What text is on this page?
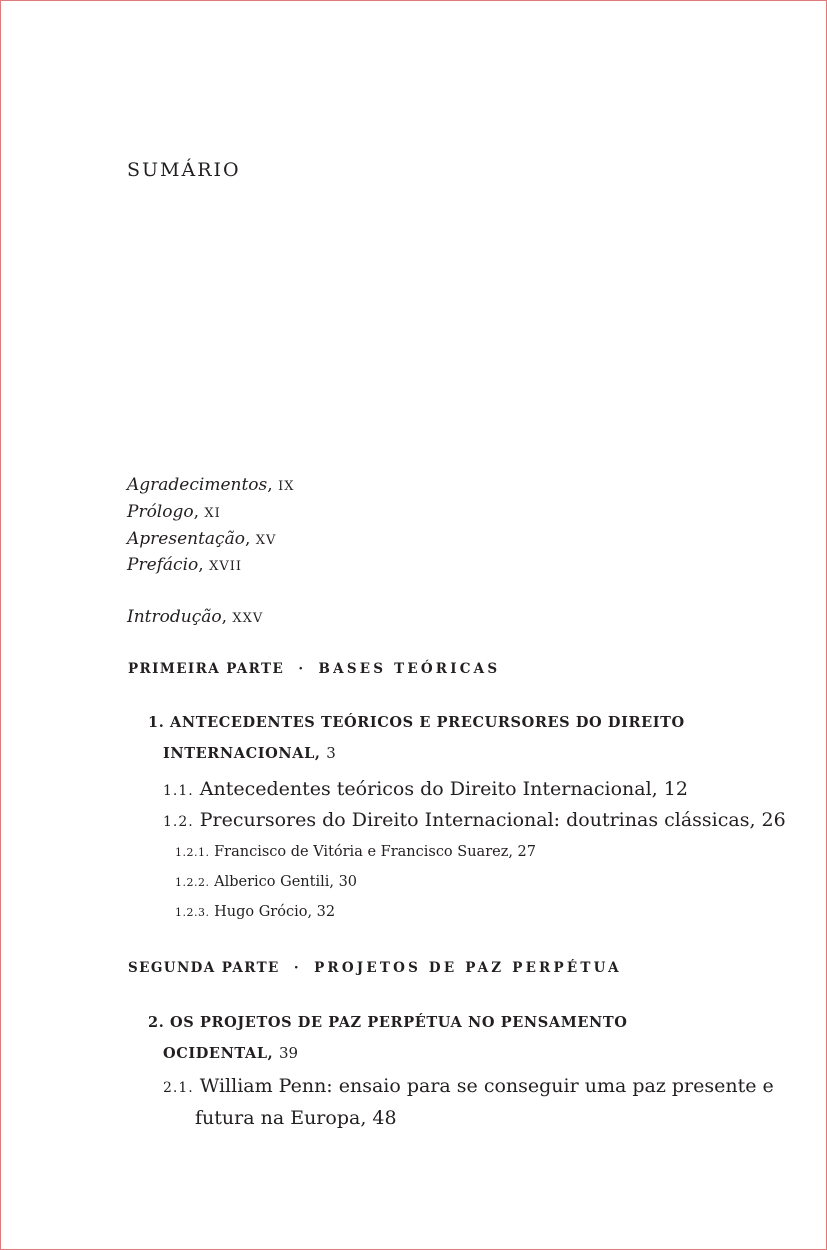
SUMÁRIO
Agradecimentos, IX
Prólogo, XI
Apresentação, XV
Prefácio, XVII
Introdução, XXV
PRIMEIRA PARTE · BASES TEÓRICAS
1. ANTECEDENTES TEÓRICOS E PRECURSORES DO DIREITO
INTERNACIONAL, 3
1.1. Antecedentes teóricos do Direito Internacional, 12
1.2. Precursores do Direito Internacional: doutrinas clássicas, 26
1.2.1. Francisco de Vitória e Francisco Suarez, 27
1.2.2. Alberico Gentili, 30
1.2.3. Hugo Grócio, 32
SEGUNDA PARTE · PROJETOS DE PAZ PERPÉTUA
2. OS PROJETOS DE PAZ PERPÉTUA NO PENSAMENTO
OCIDENTAL, 39
2.1. William Penn: ensaio para se conseguir uma paz presente e
futura na Europa, 48
